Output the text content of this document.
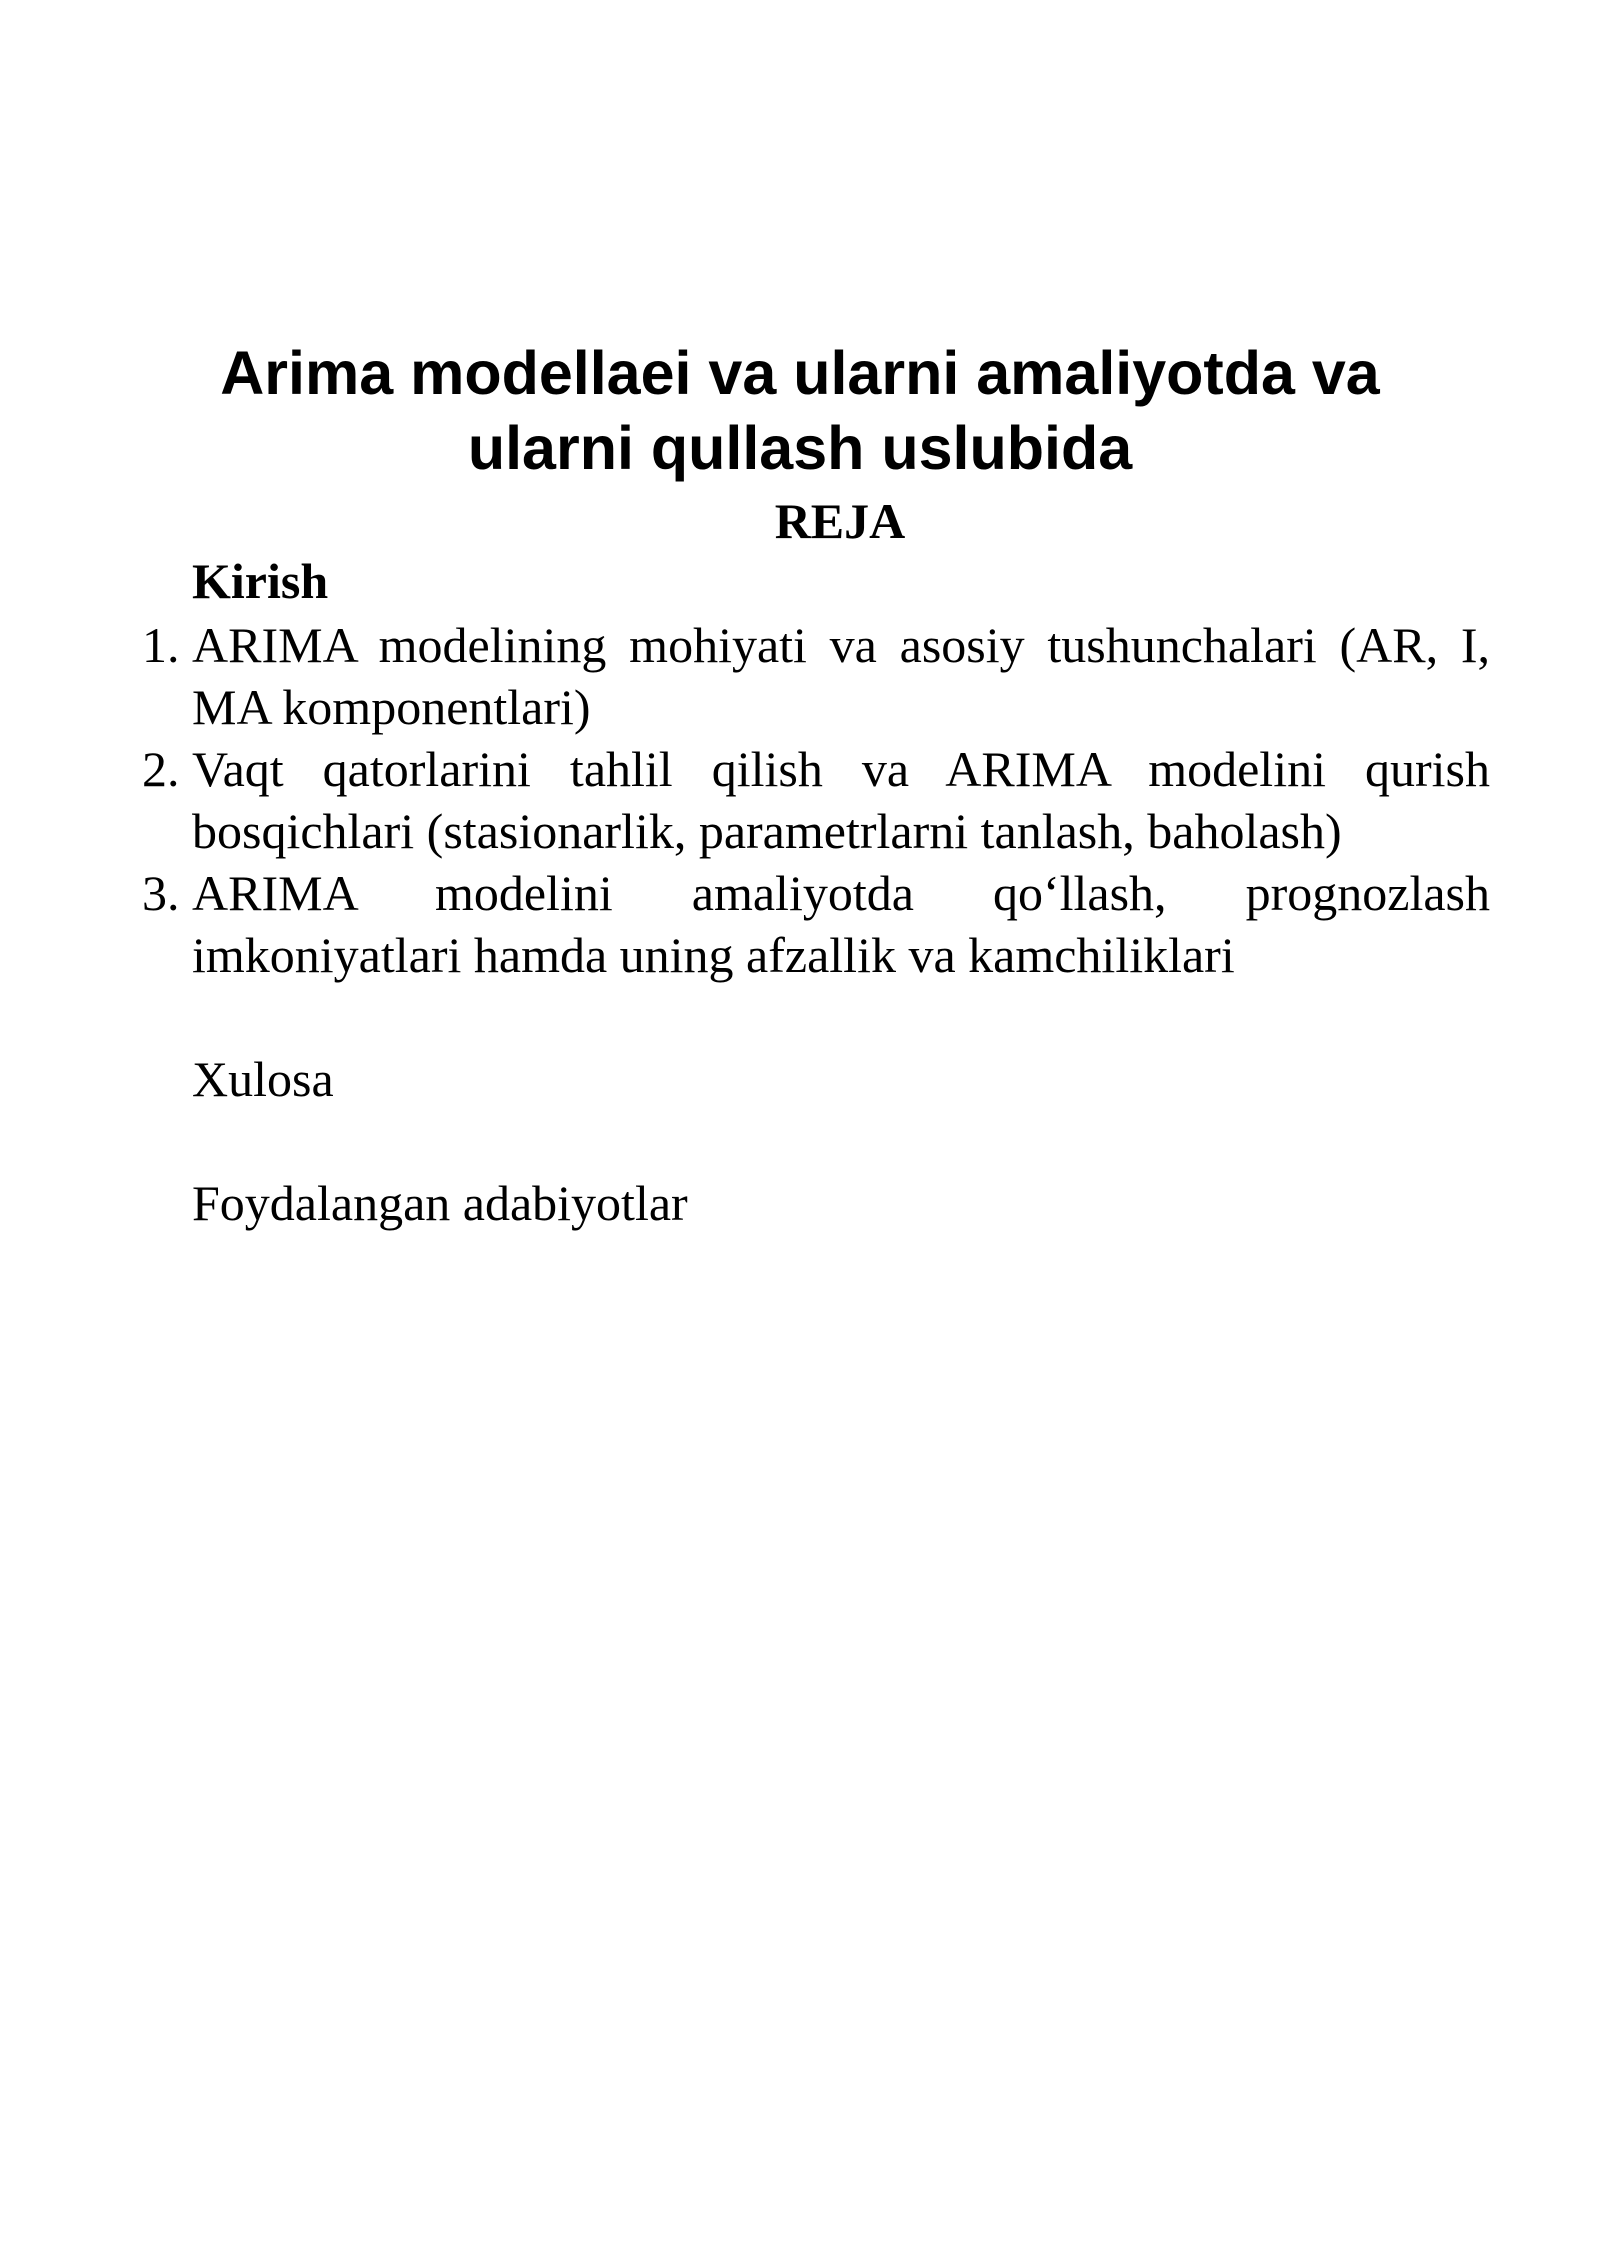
Arima modellaei va ularni amaliyotda va ularni qullash uslubida
REJA

Kirish

1. ARIMA modelining mohiyati va asosiy tushunchalari (AR, I, MA komponentlari)
2. Vaqt qatorlarini tahlil qilish va ARIMA modelini qurish bosqichlari (stasionarlik, parametrlarni tanlash, baholash)
3. ARIMA modelini amaliyotda qo‘llash, prognozlash imkoniyatlari hamda uning afzallik va kamchiliklari

Xulosa

Foydalangan adabiyotlar
